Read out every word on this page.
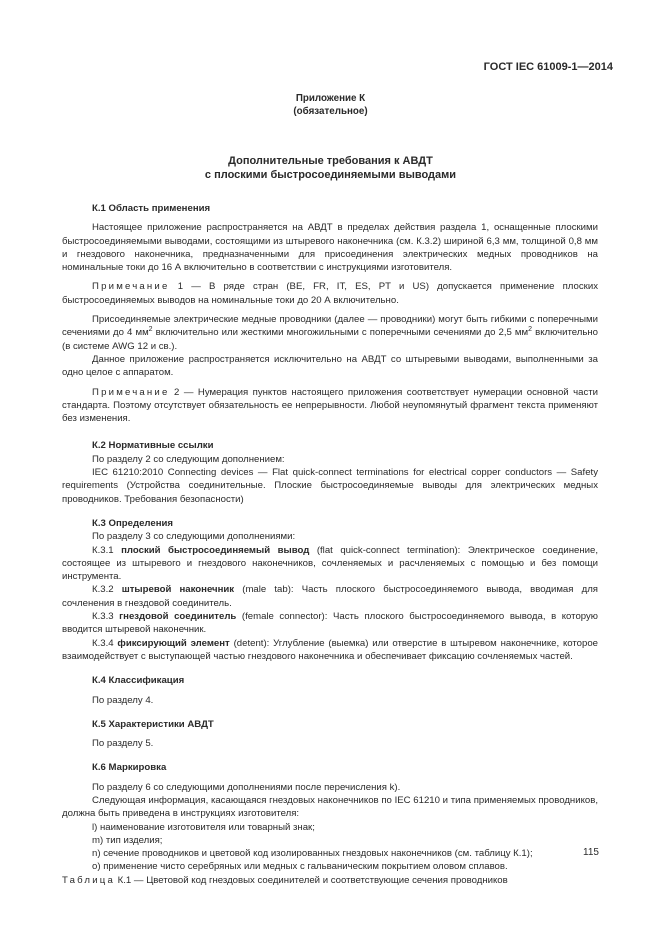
ГОСТ IEC 61009-1—2014
Приложение К
(обязательное)
Дополнительные требования к АВДТ
с плоскими быстросоединяемыми выводами

К.1 Область применения

Настоящее приложение распространяется на АВДТ в пределах действия раздела 1, оснащенные плоскими быстросоединяемыми выводами, состоящими из штыревого наконечника (см. К.3.2) шириной 6,3 мм, толщиной 0,8 мм и гнездового наконечника, предназначенными для присоединения электрических медных проводников на номинальные токи до 16 А включительно в соответствии с инструкциями изготовителя.

Примечание 1 — В ряде стран (BE, FR, IT, ES, PT и US) допускается применение плоских быстросоединяемых выводов на номинальные токи до 20 А включительно.

Присоединяемые электрические медные проводники (далее — проводники) могут быть гибкими с поперечными сечениями до 4 $мм^2$ включительно или жесткими многожильными с поперечными сечениями до 2,5 $мм^2$ включительно (в системе AWG 12 и св.).

Данное приложение распространяется исключительно на АВДТ со штыревыми выводами, выполненными за одно целое с аппаратом.

Примечание 2 — Нумерация пунктов настоящего приложения соответствует нумерации основной части стандарта. Поэтому отсутствует обязательность ее непрерывности. Любой неупомянутый фрагмент текста применяют без изменения.

К.2 Нормативные ссылки

По разделу 2 со следующим дополнением:

IEC 61210:2010 Connecting devices — Flat quick-connect terminations for electrical copper conductors — Safety requirements (Устройства соединительные. Плоские быстросоединяемые выводы для электрических медных проводников. Требования безопасности)

К.3 Определения

По разделу 3 со следующими дополнениями:

К.3.1 плоский быстросоединяемый вывод (flat quick-connect termination): Электрическое соединение, состоящее из штыревого и гнездового наконечников, сочленяемых и расчленяемых с помощью и без помощи инструмента.

К.3.2 штыревой наконечник (male tab): Часть плоского быстросоединяемого вывода, вводимая для сочленения в гнездовой соединитель.

К.3.3 гнездовой соединитель (female connector): Часть плоского быстросоединяемого вывода, в которую вводится штыревой наконечник.

К.3.4 фиксирующий элемент (detent): Углубление (выемка) или отверстие в штыревом наконечнике, которое взаимодействует с выступающей частью гнездового наконечника и обеспечивает фиксацию сочленяемых частей.

К.4 Классификация

По разделу 4.

К.5 Характеристики АВДТ

По разделу 5.

К.6 Маркировка

По разделу 6 со следующими дополнениями после перечисления k).

Следующая информация, касающаяся гнездовых наконечников по IEC 61210 и типа применяемых проводников, должна быть приведена в инструкциях изготовителя:

l) наименование изготовителя или товарный знак;

m) тип изделия;

n) сечение проводников и цветовой код изолированных гнездовых наконечников (см. таблицу К.1);

o) применение чисто серебряных или медных с гальваническим покрытием оловом сплавов.

Таблица К.1 — Цветовой код гнездовых соединителей и соответствующие сечения проводников

115
